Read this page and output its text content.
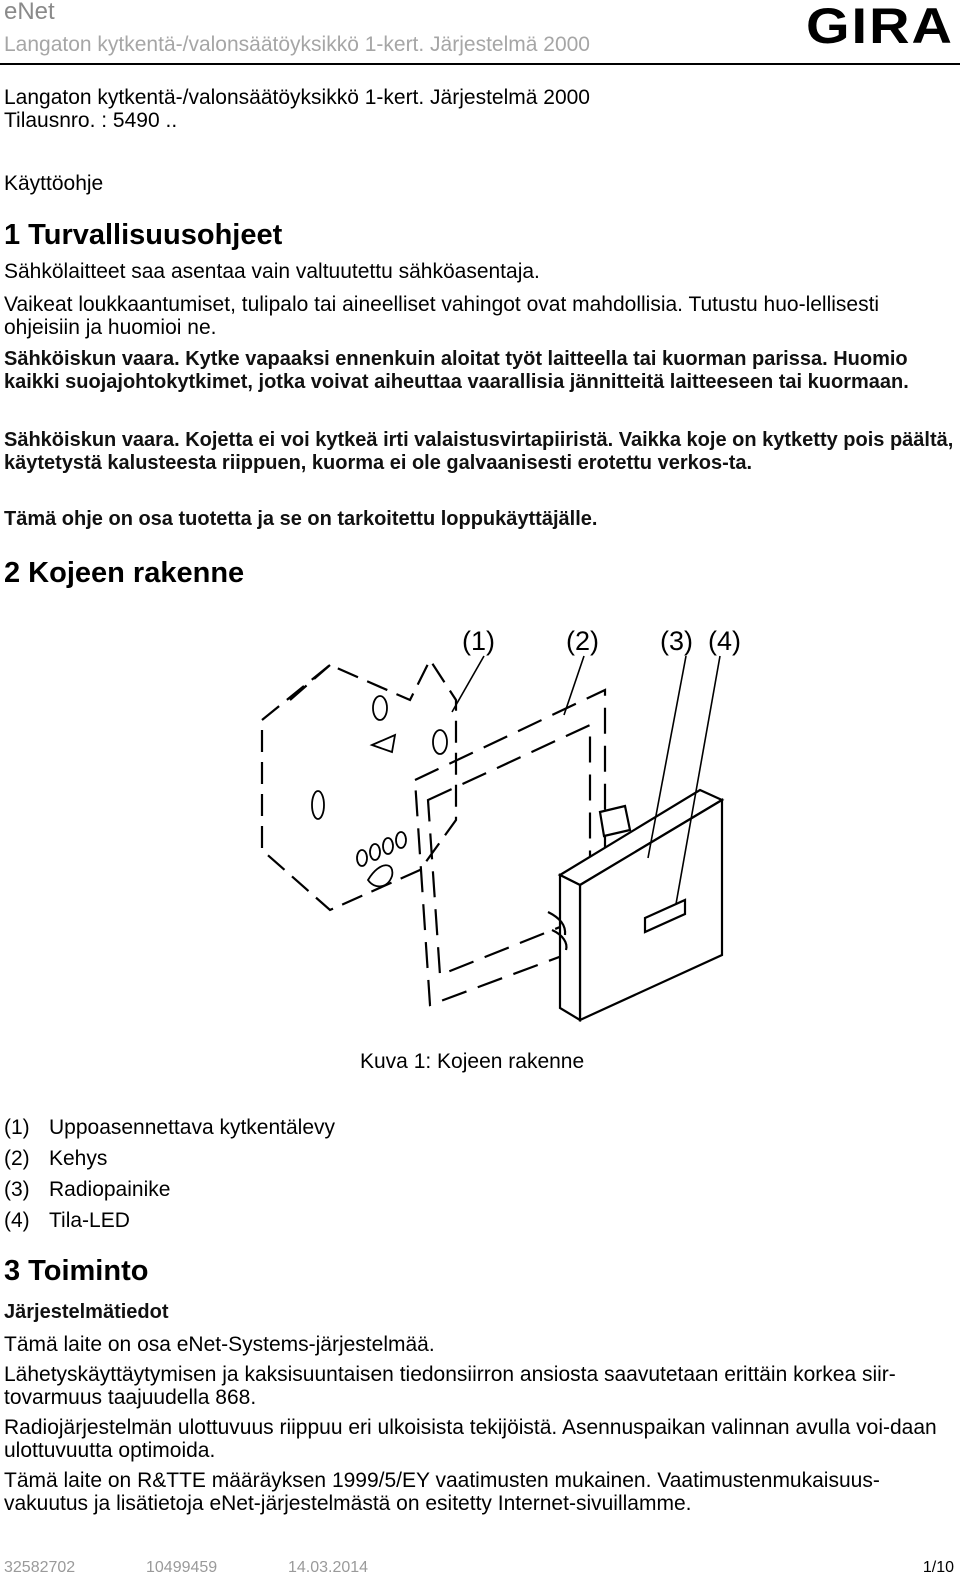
eNet
Langaton kytkentä-/valonsäätöyksikkö 1-kert. Järjestelmä 2000	GIRA

Langaton kytkentä-/valonsäätöyksikkö 1-kert. Järjestelmä 2000

Tilausnro. : 5490 ..

Käyttöohje

1 Turvallisuusohjeet

Sähkölaitteet saa asentaa vain valtuutettu sähköasentaja.

Vaikeat loukkaantumiset, tulipalo tai aineelliset vahingot ovat mahdollisia. Tutustu huo-lellisesti ohjeisiin ja huomioi ne.

Sähköiskun vaara. Kytke vapaaksi ennenkuin aloitat työt laitteella tai kuorman parissa. Huomio kaikki suojajohtokytkimet, jotka voivat aiheuttaa vaarallisia jännitteitä laitteeseen tai kuormaan.

Sähköiskun vaara. Kojetta ei voi kytkeä irti valaistusvirtapiiristä. Vaikka koje on kytketty pois päältä, käytetystä kalusteesta riippuen, kuorma ei ole galvaanisesti erotettu verkos-ta.

Tämä ohje on osa tuotetta ja se on tarkoitettu loppukäyttäjälle.

2 Kojeen rakenne

(1)	(2) (3) (4)
Kuva 1: Kojeen rakenne
(1) Uppoasennettava kytkentälevy
(2) Kehys
(3) Radiopainike
(4) Tila-LED

3 Toiminto

Järjestelmätiedot

Tämä laite on osa eNet-Systems-järjestelmää.

Lähetyskäyttäytymisen ja kaksisuuntaisen tiedonsiirron ansiosta saavutetaan erittäin korkea siir-tovarmuus taajuudella 868.

Radiojärjestelmän ulottuvuus riippuu eri ulkoisista tekijöistä. Asennuspaikan valinnan avulla voi-daan ulottuvuutta optimoida.

Tämä laite on R&TTE määräyksen 1999/5/EY vaatimusten mukainen. Vaatimustenmukaisuus-vakuutus ja lisätietoja eNet-järjestelmästä on esitetty Internet-sivuillamme.

32582702	10499459	14.03.2014	1/10
